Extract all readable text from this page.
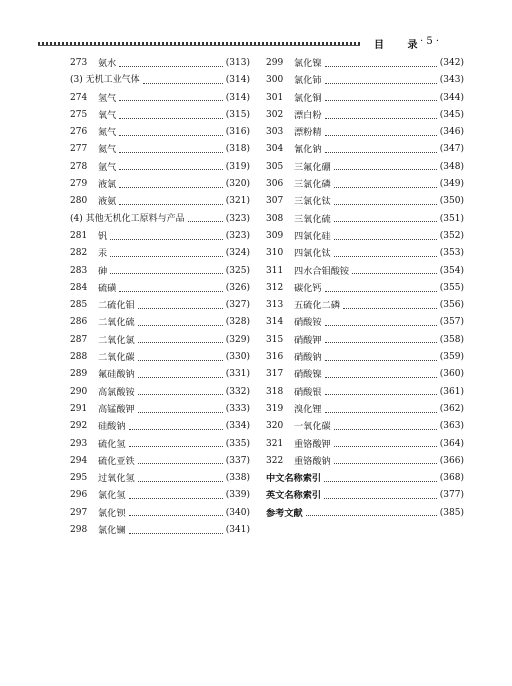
目 录
· 5 ·
273	氨水	(313)
(3) 无机工业气体	(314)
274	氢气	(314)
275	氧气	(315)
276	氮气	(316)
277	氦气	(318)
278	氩气	(319)
279	液氯	(320)
280	液氨	(321)
(4) 其他无机化工原料与产品	(323)
281	钒	(323)
282	汞	(324)
283	砷	(325)
284	硫磺	(326)
285	二硫化钼	(327)
286	二氧化硫	(328)
287	二氧化氯	(329)
288	二氧化碳	(330)
289	氟硅酸钠	(331)
290	高氯酸铵	(332)
291	高锰酸钾	(333)
292	硅酸钠	(334)
293	硫化氢	(335)
294	硫化亚铁	(337)
295	过氧化氢	(338)
296	氯化氢	(339)
297	氯化钡	(340)
298	氯化镧	(341)
299	氯化镍	(342)
300	氯化铈	(343)
301	氯化铜	(344)
302	漂白粉	(345)
303	漂粉精	(346)
304	氰化钠	(347)
305	三氟化硼	(348)
306	三氯化磷	(349)
307	三氯化钛	(350)
308	三氧化硫	(351)
309	四氯化硅	(352)
310	四氯化钛	(353)
311	四水合钼酸铵	(354)
312	碳化钙	(355)
313	五硫化二磷	(356)
314	硝酸铵	(357)
315	硝酸钾	(358)
316	硝酸钠	(359)
317	硝酸镍	(360)
318	硝酸银	(361)
319	溴化锂	(362)
320	一氧化碳	(363)
321	重铬酸钾	(364)
322	重铬酸钠	(366)
中文名称索引	(368)
英文名称索引	(377)
参考文献	(385)
